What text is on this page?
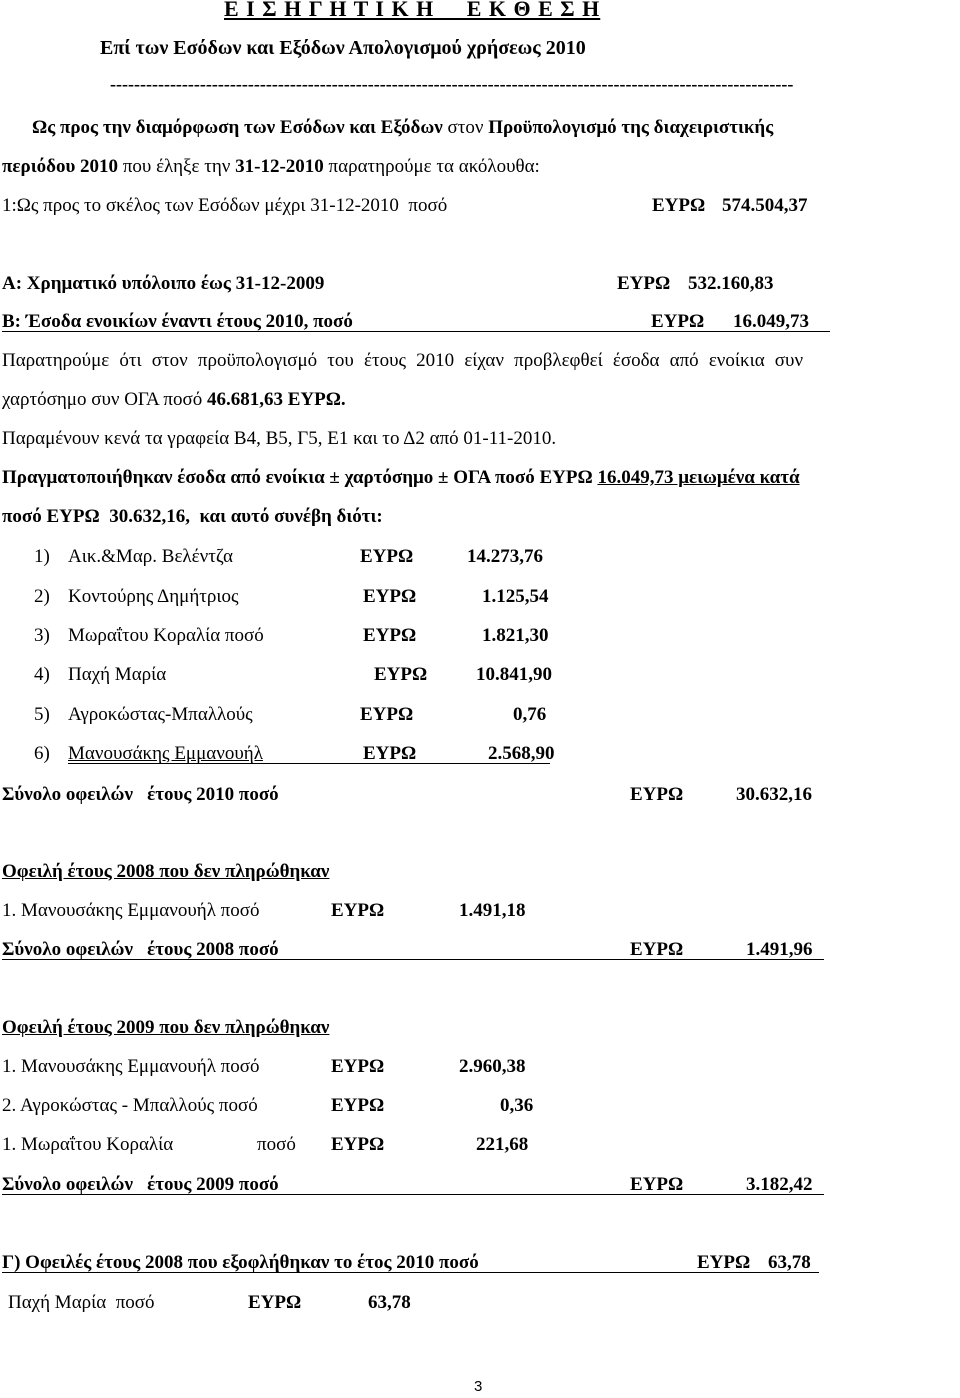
Ε Ι Σ Η Γ Η Τ Ι Κ Η     Ε Κ Θ Ε Σ Η
Επί των Εσόδων και Εξόδων Απολογισμού χρήσεως 2010
------------------------------------------------------------------------------------------------------------------
Ως προς την διαμόρφωση των Εσόδων και Εξόδων στον Προϋπολογισμό της διαχειριστικής
περιόδου 2010 που έληξε την 31-12-2010 παρατηρούμε τα ακόλουθα:
1:Ως προς το σκέλος των Εσόδων μέχρι 31-12-2010  ποσό	ΕΥΡΩ 574.504,37
Α: Χρηματικό υπόλοιπο έως 31-12-2009	ΕΥΡΩ 532.160,83
Β: Έσοδα ενοικίων έναντι έτους 2010, ποσό	ΕΥΡΩ 16.049,73
Παρατηρούμε ότι στον προϋπολογισμό του έτους 2010 είχαν προβλεφθεί έσοδα από ενοίκια συν
χαρτόσημο συν ΟΓΑ ποσό 46.681,63 ΕΥΡΩ.
Παραμένουν κενά τα γραφεία Β4, Β5, Γ5, Ε1 και το Δ2 από 01-11-2010.
Πραγματοποιήθηκαν έσοδα από ενοίκια ± χαρτόσημο ± ΟΓΑ ποσό ΕΥΡΩ 16.049,73 μειωμένα κατά
ποσό ΕΥΡΩ  30.632,16,  και αυτό συνέβη διότι:
1) Αικ.&Μαρ. Βελέντζα	ΕΥΡΩ	14.273,76
2) Κοντούρης Δημήτριος	ΕΥΡΩ	1.125,54
3) Μωραΐτου Κοραλία ποσό	ΕΥΡΩ	1.821,30
4) Παχή Μαρία	ΕΥΡΩ	10.841,90
5) Αγροκώστας-Μπαλλούς	ΕΥΡΩ	0,76
6) Μανουσάκης Εμμανουήλ	ΕΥΡΩ	2.568,90
Σύνολο οφειλών   έτους 2010 ποσό	ΕΥΡΩ	30.632,16
Οφειλή έτους 2008 που δεν πληρώθηκαν
1. Μανουσάκης Εμμανουήλ ποσό	ΕΥΡΩ	1.491,18
Σύνολο οφειλών   έτους 2008 ποσό	ΕΥΡΩ	1.491,96
Οφειλή έτους 2009 που δεν πληρώθηκαν
1. Μανουσάκης Εμμανουήλ ποσό	ΕΥΡΩ	2.960,38
2. Αγροκώστας - Μπαλλούς ποσό	ΕΥΡΩ	0,36
1. Μωραΐτου Κοραλία	ποσό ΕΥΡΩ	221,68
Σύνολο οφειλών   έτους 2009 ποσό	ΕΥΡΩ	3.182,42
Γ) Οφειλές έτους 2008 που εξοφλήθηκαν το έτος 2010 ποσό	ΕΥΡΩ 63,78
Παχή Μαρία  ποσό	ΕΥΡΩ	63,78
3
